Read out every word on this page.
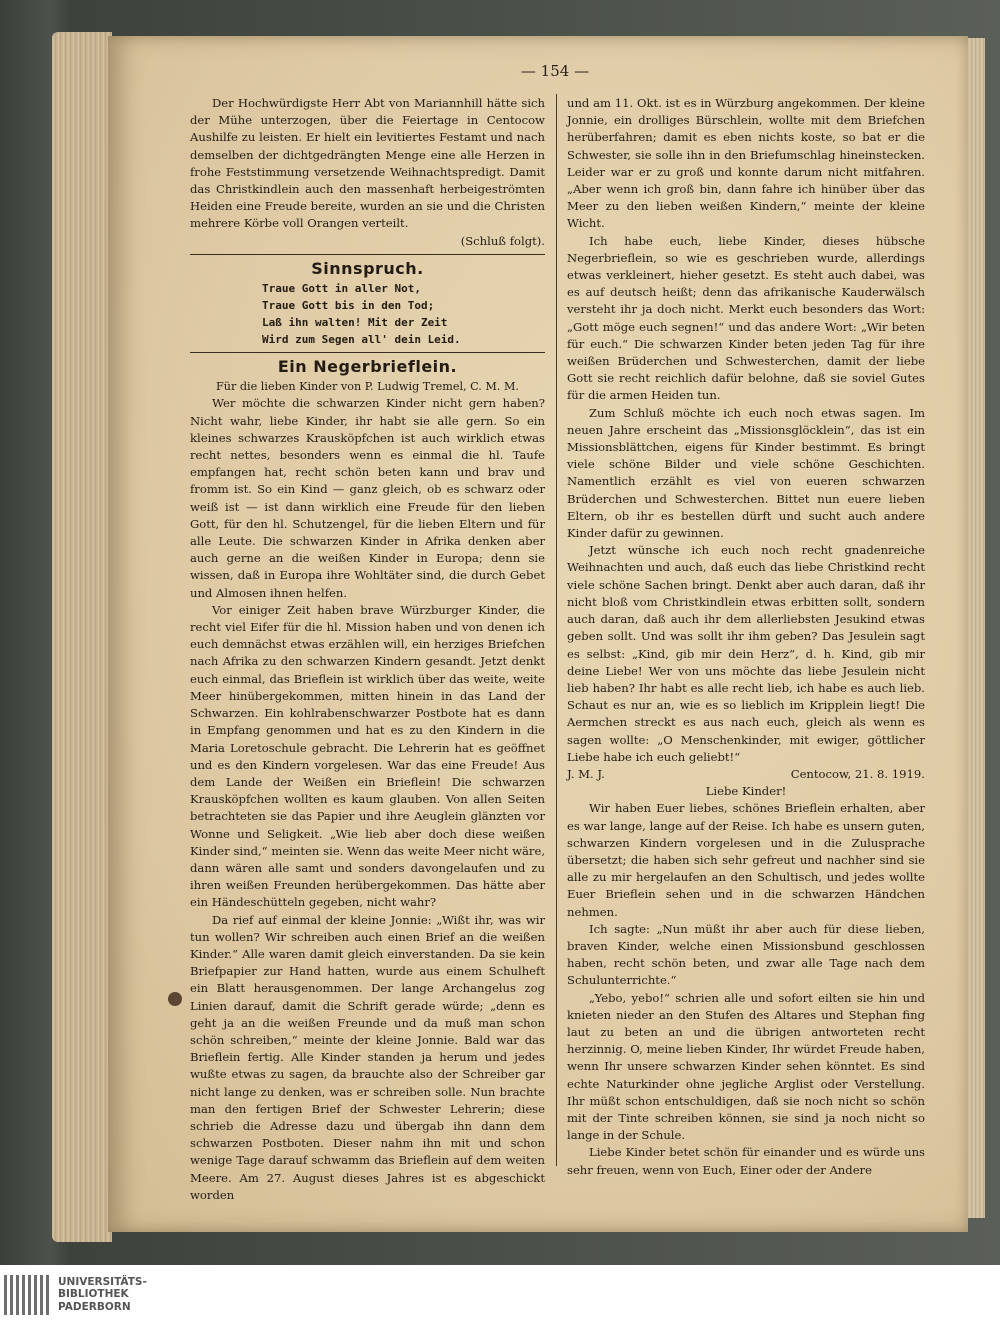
— 154 —

Der Hochwürdigste Herr Abt von Mariannhill hätte sich der Mühe unterzogen, über die Feiertage in Centocow Aushilfe zu leisten. Er hielt ein levitiertes Festamt und nach demselben der dichtgedrängten Menge eine alle Herzen in frohe Feststimmung versetzende Weihnachtspredigt. Damit das Christkindlein auch den massenhaft herbeigeströmten Heiden eine Freude bereite, wurden an sie und die Christen mehrere Körbe voll Orangen verteilt.

(Schluß folgt).

Sinnspruch.
Traue Gott in aller Not,
Traue Gott bis in den Tod;
Laß ihn walten! Mit der Zeit
Wird zum Segen all' dein Leid.
Ein Negerbrieflein.

Für die lieben Kinder von P. Ludwig Tremel, C. M. M.

Wer möchte die schwarzen Kinder nicht gern haben? Nicht wahr, liebe Kinder, ihr habt sie alle gern. So ein kleines schwarzes Krausköpfchen ist auch wirklich etwas recht nettes, besonders wenn es einmal die hl. Taufe empfangen hat, recht schön beten kann und brav und fromm ist. So ein Kind — ganz gleich, ob es schwarz oder weiß ist — ist dann wirklich eine Freude für den lieben Gott, für den hl. Schutzengel, für die lieben Eltern und für alle Leute. Die schwarzen Kinder in Afrika denken aber auch gerne an die weißen Kinder in Europa; denn sie wissen, daß in Europa ihre Wohltäter sind, die durch Gebet und Almosen ihnen helfen.

Vor einiger Zeit haben brave Würzburger Kinder, die recht viel Eifer für die hl. Mission haben und von denen ich euch demnächst etwas erzählen will, ein herziges Briefchen nach Afrika zu den schwarzen Kindern gesandt. Jetzt denkt euch einmal, das Brieflein ist wirklich über das weite, weite Meer hinübergekommen, mitten hinein in das Land der Schwarzen. Ein kohlrabenschwarzer Postbote hat es dann in Empfang genommen und hat es zu den Kindern in die Maria Loretoschule gebracht. Die Lehrerin hat es geöffnet und es den Kindern vorgelesen. War das eine Freude! Aus dem Lande der Weißen ein Brieflein! Die schwarzen Krausköpfchen wollten es kaum glauben. Von allen Seiten betrachteten sie das Papier und ihre Aeuglein glänzten vor Wonne und Seligkeit. „Wie lieb aber doch diese weißen Kinder sind,“ meinten sie. Wenn das weite Meer nicht wäre, dann wären alle samt und sonders davongelaufen und zu ihren weißen Freunden herübergekommen. Das hätte aber ein Händeschütteln gegeben, nicht wahr?

Da rief auf einmal der kleine Jonnie: „Wißt ihr, was wir tun wollen? Wir schreiben auch einen Brief an die weißen Kinder.“ Alle waren damit gleich einverstanden. Da sie kein Briefpapier zur Hand hatten, wurde aus einem Schulheft ein Blatt herausgenommen. Der lange Archangelus zog Linien darauf, damit die Schrift gerade würde; „denn es geht ja an die weißen Freunde und da muß man schon schön schreiben,“ meinte der kleine Jonnie. Bald war das Brieflein fertig. Alle Kinder standen ja herum und jedes wußte etwas zu sagen, da brauchte also der Schreiber gar nicht lange zu denken, was er schreiben solle. Nun brachte man den fertigen Brief der Schwester Lehrerin; diese schrieb die Adresse dazu und übergab ihn dann dem schwarzen Postboten. Dieser nahm ihn mit und schon wenige Tage darauf schwamm das Brieflein auf dem weiten Meere. Am 27. August dieses Jahres ist es abgeschickt worden

und am 11. Okt. ist es in Würzburg angekommen. Der kleine Jonnie, ein drolliges Bürschlein, wollte mit dem Briefchen herüberfahren; damit es eben nichts koste, so bat er die Schwester, sie solle ihn in den Briefumschlag hineinstecken. Leider war er zu groß und konnte darum nicht mitfahren. „Aber wenn ich groß bin, dann fahre ich hinüber über das Meer zu den lieben weißen Kindern,“ meinte der kleine Wicht.

Ich habe euch, liebe Kinder, dieses hübsche Negerbrieflein, so wie es geschrieben wurde, allerdings etwas verkleinert, hieher gesetzt. Es steht auch dabei, was es auf deutsch heißt; denn das afrikanische Kauderwälsch versteht ihr ja doch nicht. Merkt euch besonders das Wort: „Gott möge euch segnen!“ und das andere Wort: „Wir beten für euch.“ Die schwarzen Kinder beten jeden Tag für ihre weißen Brüderchen und Schwesterchen, damit der liebe Gott sie recht reichlich dafür belohne, daß sie soviel Gutes für die armen Heiden tun.

Zum Schluß möchte ich euch noch etwas sagen. Im neuen Jahre erscheint das „Missionsglöcklein“, das ist ein Missionsblättchen, eigens für Kinder bestimmt. Es bringt viele schöne Bilder und viele schöne Geschichten. Namentlich erzählt es viel von eueren schwarzen Brüderchen und Schwesterchen. Bittet nun euere lieben Eltern, ob ihr es bestellen dürft und sucht auch andere Kinder dafür zu gewinnen.

Jetzt wünsche ich euch noch recht gnadenreiche Weihnachten und auch, daß euch das liebe Christkind recht viele schöne Sachen bringt. Denkt aber auch daran, daß ihr nicht bloß vom Christkindlein etwas erbitten sollt, sondern auch daran, daß auch ihr dem allerliebsten Jesukind etwas geben sollt. Und was sollt ihr ihm geben? Das Jesulein sagt es selbst: „Kind, gib mir dein Herz“, d. h. Kind, gib mir deine Liebe! Wer von uns möchte das liebe Jesulein nicht lieb haben? Ihr habt es alle recht lieb, ich habe es auch lieb. Schaut es nur an, wie es so lieblich im Kripplein liegt! Die Aermchen streckt es aus nach euch, gleich als wenn es sagen wollte: „O Menschenkinder, mit ewiger, göttlicher Liebe habe ich euch geliebt!“

J. M. J.	Centocow, 21. 8. 1919.

Liebe Kinder!

Wir haben Euer liebes, schönes Brieflein erhalten, aber es war lange, lange auf der Reise. Ich habe es unsern guten, schwarzen Kindern vorgelesen und in die Zulusprache übersetzt; die haben sich sehr gefreut und nachher sind sie alle zu mir hergelaufen an den Schultisch, und jedes wollte Euer Brieflein sehen und in die schwarzen Händchen nehmen.

Ich sagte: „Nun müßt ihr aber auch für diese lieben, braven Kinder, welche einen Missionsbund geschlossen haben, recht schön beten, und zwar alle Tage nach dem Schulunterrichte.“

„Yebo, yebo!“ schrien alle und sofort eilten sie hin und knieten nieder an den Stufen des Altares und Stephan fing laut zu beten an und die übrigen antworteten recht herzinnig. O, meine lieben Kinder, Ihr würdet Freude haben, wenn Ihr unsere schwarzen Kinder sehen könntet. Es sind echte Naturkinder ohne jegliche Arglist oder Verstellung. Ihr müßt schon entschuldigen, daß sie noch nicht so schön mit der Tinte schreiben können, sie sind ja noch nicht so lange in der Schule.

Liebe Kinder betet schön für einander und es würde uns sehr freuen, wenn von Euch, Einer oder der Andere

UNIVERSITÄTS-
BIBLIOTHEK
PADERBORN
